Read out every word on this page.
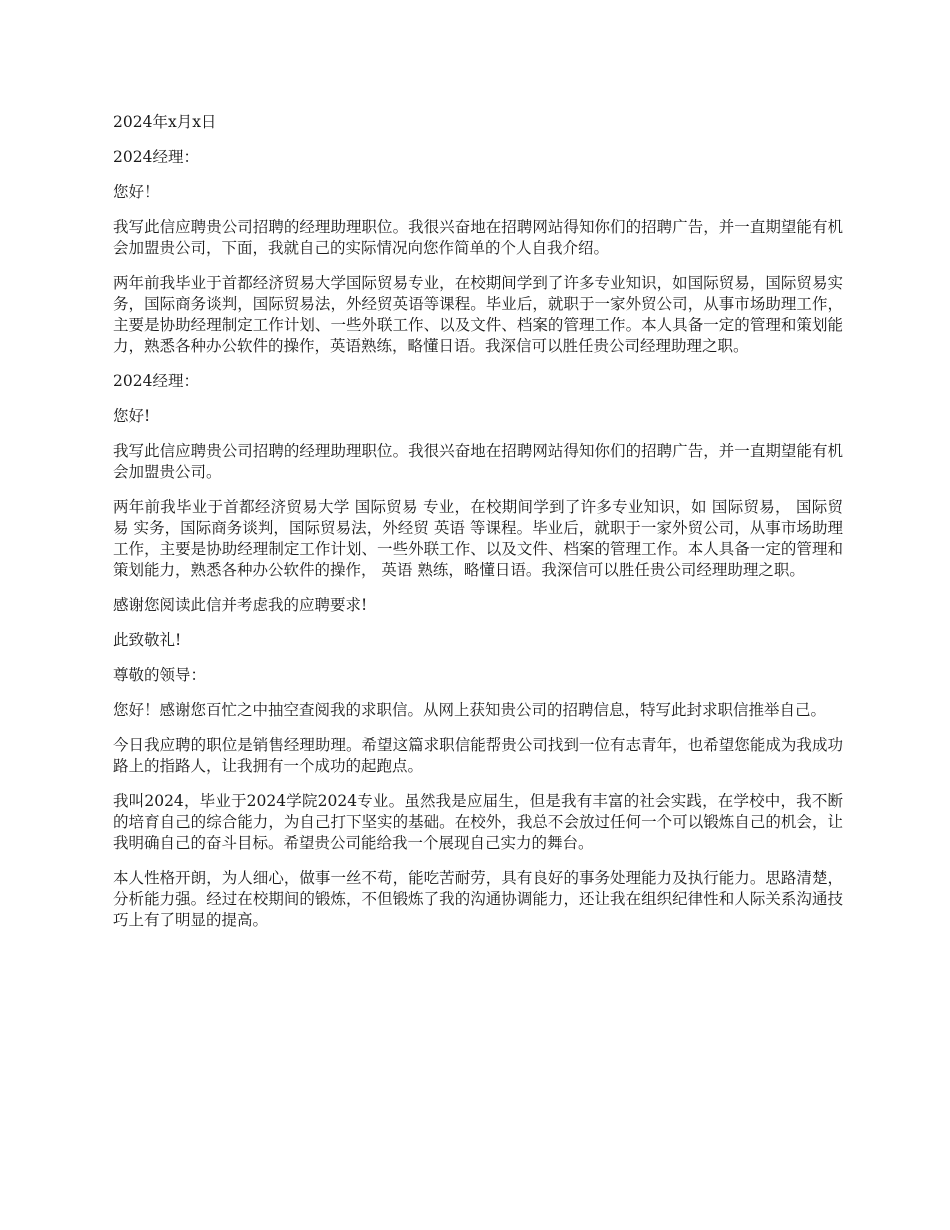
2024年x月x日

2024经理：

您好！

我写此信应聘贵公司招聘的经理助理职位。我很兴奋地在招聘网站得知你们的招聘广告，并一直期望能有机会加盟贵公司，下面，我就自己的实际情况向您作简单的个人自我介绍。

两年前我毕业于首都经济贸易大学国际贸易专业，在校期间学到了许多专业知识，如国际贸易，国际贸易实务，国际商务谈判，国际贸易法，外经贸英语等课程。毕业后，就职于一家外贸公司，从事市场助理工作，主要是协助经理制定工作计划、一些外联工作、以及文件、档案的管理工作。本人具备一定的管理和策划能力，熟悉各种办公软件的操作，英语熟练，略懂日语。我深信可以胜任贵公司经理助理之职。

2024经理：

您好!

我写此信应聘贵公司招聘的经理助理职位。我很兴奋地在招聘网站得知你们的招聘广告，并一直期望能有机会加盟贵公司。

两年前我毕业于首都经济贸易大学 国际贸易 专业，在校期间学到了许多专业知识，如 国际贸易， 国际贸易 实务，国际商务谈判，国际贸易法，外经贸 英语 等课程。毕业后，就职于一家外贸公司，从事市场助理工作，主要是协助经理制定工作计划、一些外联工作、以及文件、档案的管理工作。本人具备一定的管理和策划能力，熟悉各种办公软件的操作， 英语 熟练，略懂日语。我深信可以胜任贵公司经理助理之职。

感谢您阅读此信并考虑我的应聘要求!

此致敬礼!

尊敬的领导：

您好！感谢您百忙之中抽空查阅我的求职信。从网上获知贵公司的招聘信息，特写此封求职信推举自己。

今日我应聘的职位是销售经理助理。希望这篇求职信能帮贵公司找到一位有志青年，也希望您能成为我成功路上的指路人，让我拥有一个成功的起跑点。

我叫2024，毕业于2024学院2024专业。虽然我是应届生，但是我有丰富的社会实践，在学校中，我不断的培育自己的综合能力，为自己打下坚实的基础。在校外，我总不会放过任何一个可以锻炼自己的机会，让我明确自己的奋斗目标。希望贵公司能给我一个展现自己实力的舞台。

本人性格开朗，为人细心，做事一丝不苟，能吃苦耐劳，具有良好的事务处理能力及执行能力。思路清楚，分析能力强。经过在校期间的锻炼，不但锻炼了我的沟通协调能力，还让我在组织纪律性和人际关系沟通技巧上有了明显的提高。
